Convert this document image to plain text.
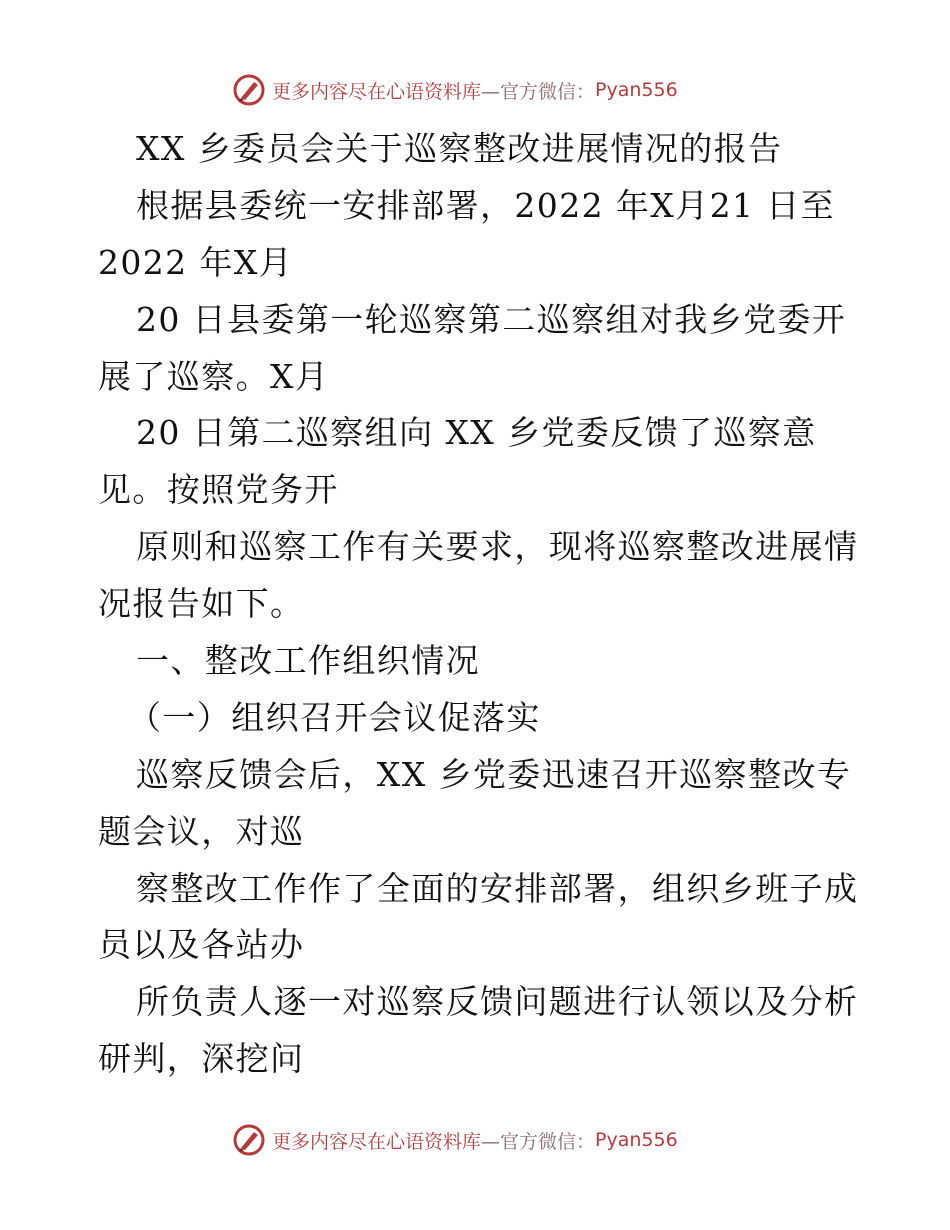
更多内容尽在心语资料库 —官方微信： Pyan556
XX 乡委员会关于巡察整改进展情况的报告
根据县委统一安排部署，2022 年X月21 日至
2022 年X月
20 日县委第一轮巡察第二巡察组对我乡党委开
展了巡察。X月
20 日第二巡察组向 XX 乡党委反馈了巡察意
见。按照党务开
原则和巡察工作有关要求，现将巡察整改进展情
况报告如下。
一、整改工作组织情况
（一）组织召开会议促落实
巡察反馈会后，XX 乡党委迅速召开巡察整改专
题会议，对巡
察整改工作作了全面的安排部署，组织乡班子成
员以及各站办
所负责人逐一对巡察反馈问题进行认领以及分析
研判，深挖问
更多内容尽在心语资料库 —官方微信： Pyan556
